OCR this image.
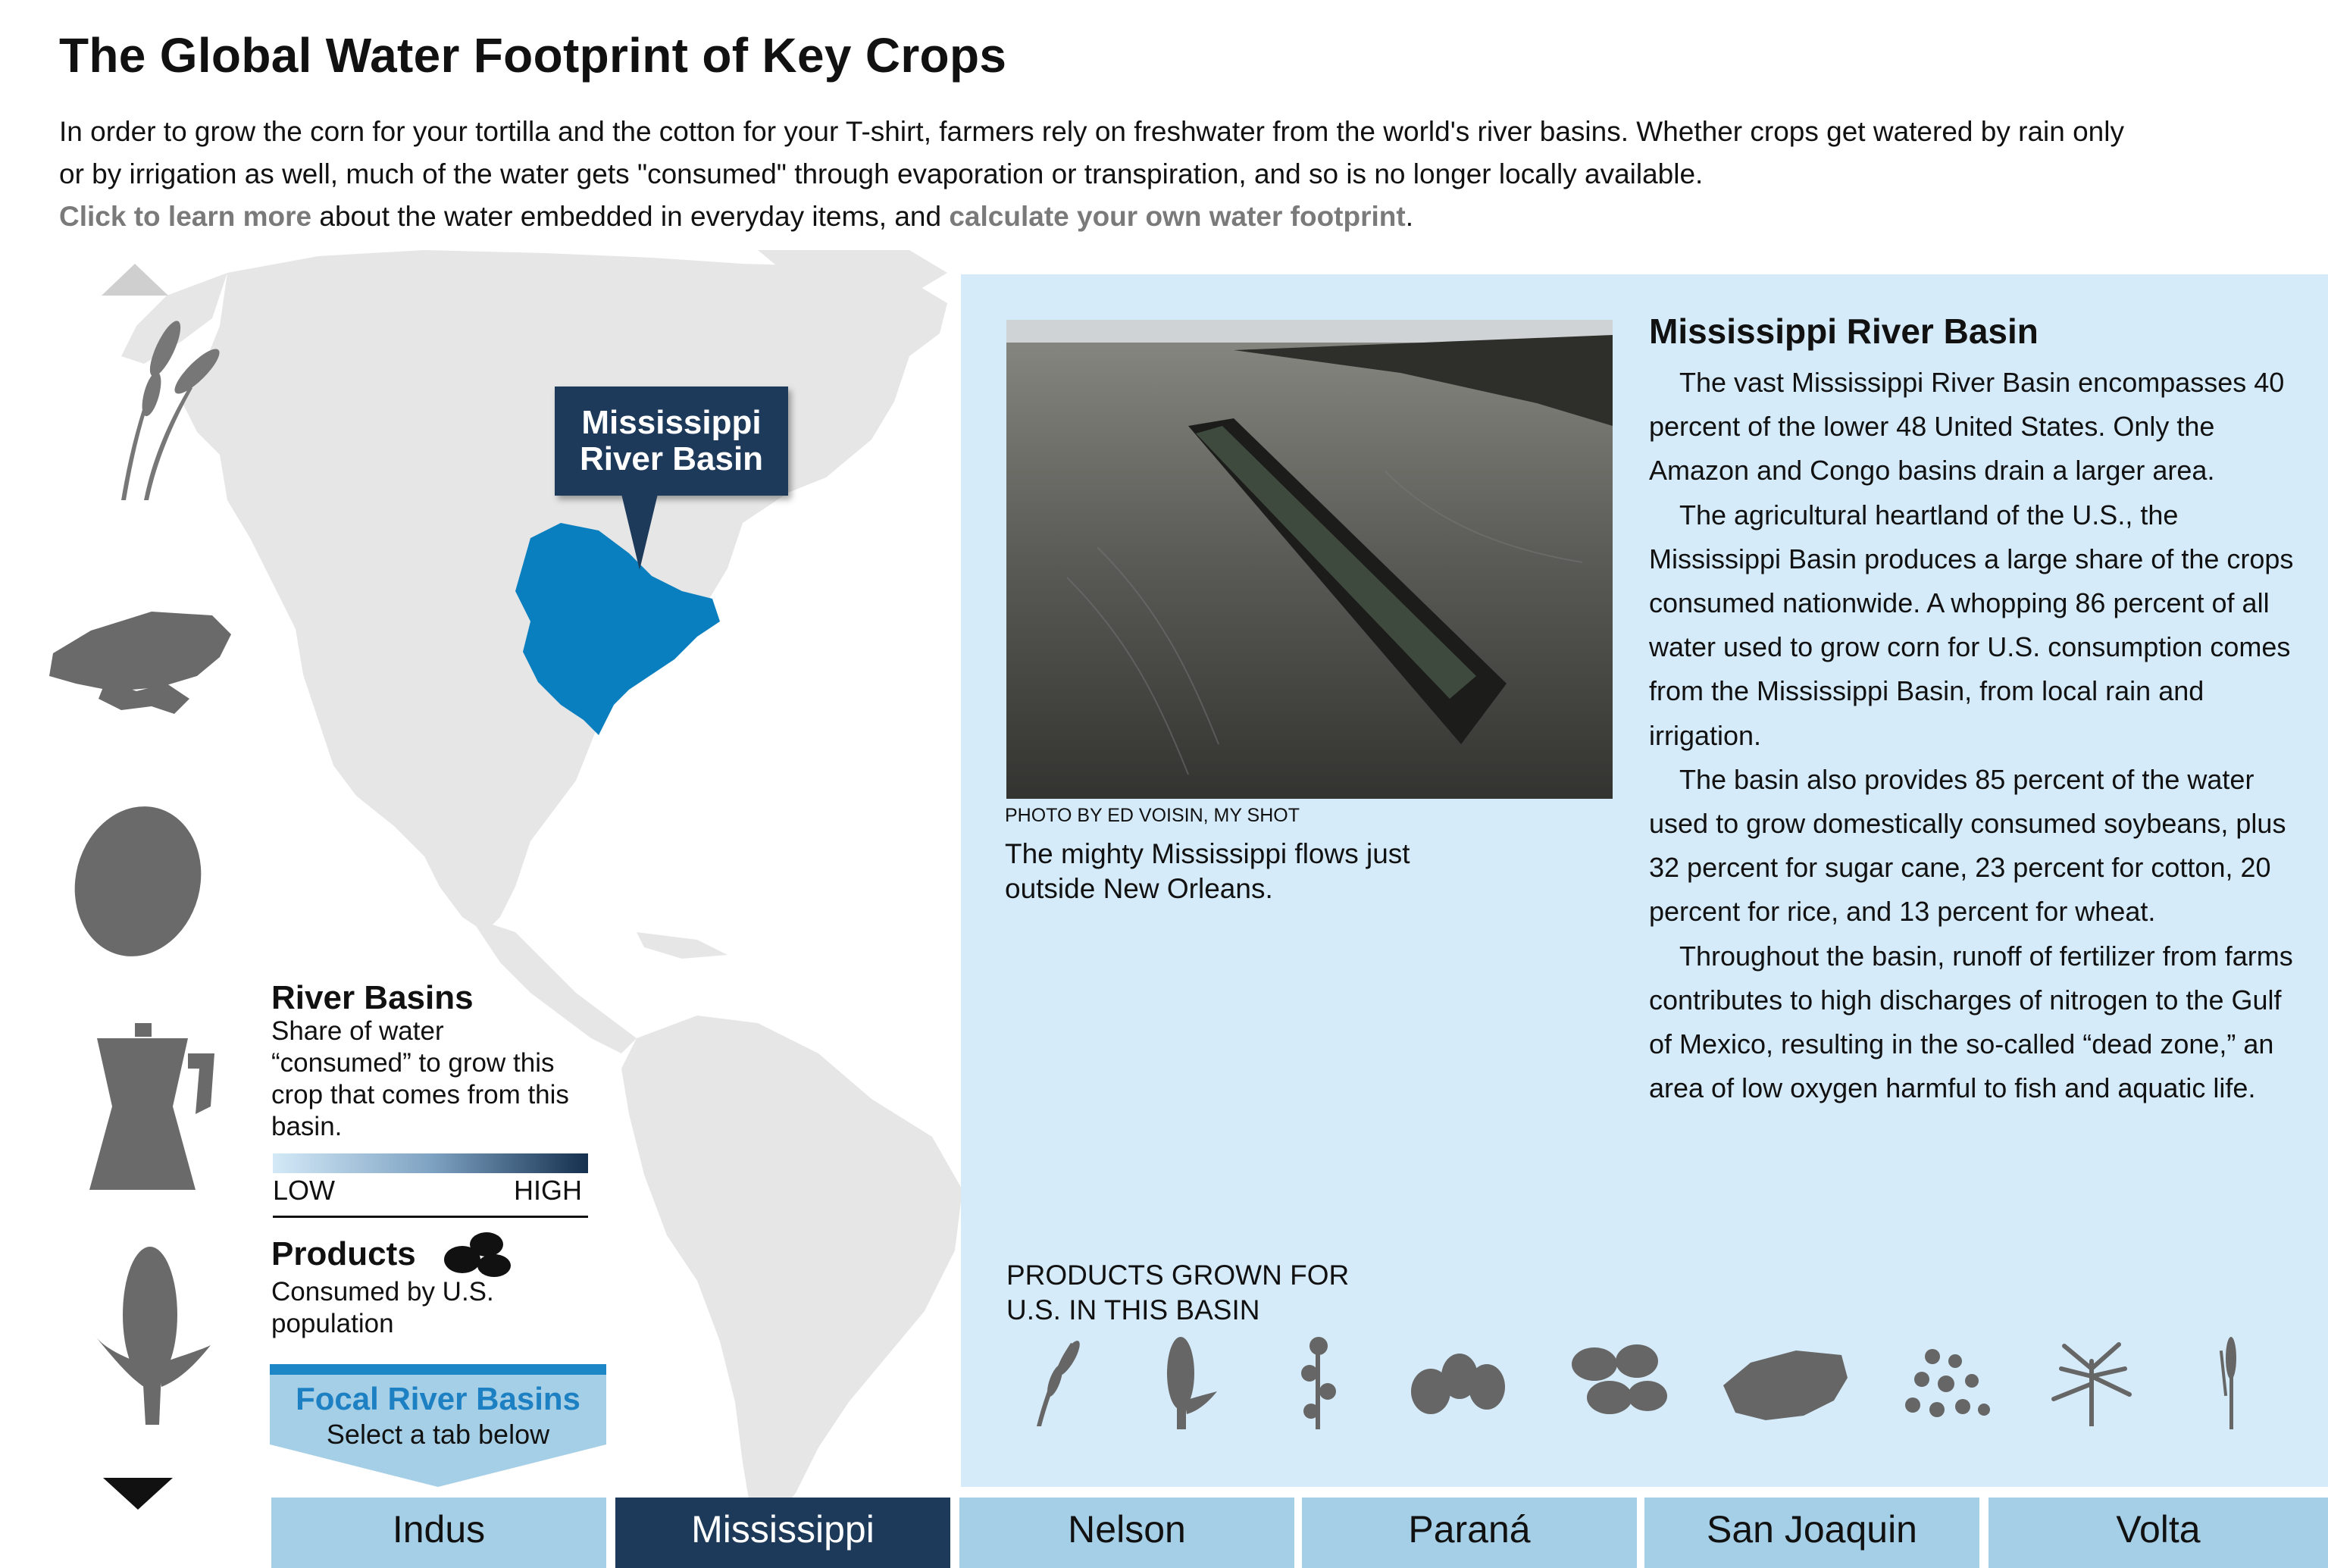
The Global Water Footprint of Key Crops
In order to grow the corn for your tortilla and the cotton for your T-shirt, farmers rely on freshwater from the world's river basins. Whether crops get watered by rain only or by irrigation as well, much of the water gets "consumed" through evaporation or transpiration, and so is no longer locally available.
Click to learn more about the water embedded in everyday items, and calculate your own water footprint.
Mississippi River Basin
River Basins
Share of water “consumed” to grow this crop that comes from this basin.
LOW	HIGH
Products
Consumed by U.S. population
Focal River Basins
Select a tab below
PHOTO BY ED VOISIN, MY SHOT
The mighty Mississippi flows just outside New Orleans.
Mississippi River Basin

The vast Mississippi River Basin encompasses 40 percent of the lower 48 United States. Only the Amazon and Congo basins drain a larger area.

The agricultural heartland of the U.S., the Mississippi Basin produces a large share of the crops consumed nationwide. A whopping 86 percent of all water used to grow corn for U.S. consumption comes from the Mississippi Basin, from local rain and irrigation.

The basin also provides 85 percent of the water used to grow domestically consumed soybeans, plus 32 percent for sugar cane, 23 percent for cotton, 20 percent for rice, and 13 percent for wheat.

Throughout the basin, runoff of fertilizer from farms contributes to high discharges of nitrogen to the Gulf of Mexico, resulting in the so-called “dead zone,” an area of low oxygen harmful to fish and aquatic life.

PRODUCTS GROWN FOR U.S. IN THIS BASIN
Indus	Mississippi	Nelson	Paraná	San Joaquin	Volta
